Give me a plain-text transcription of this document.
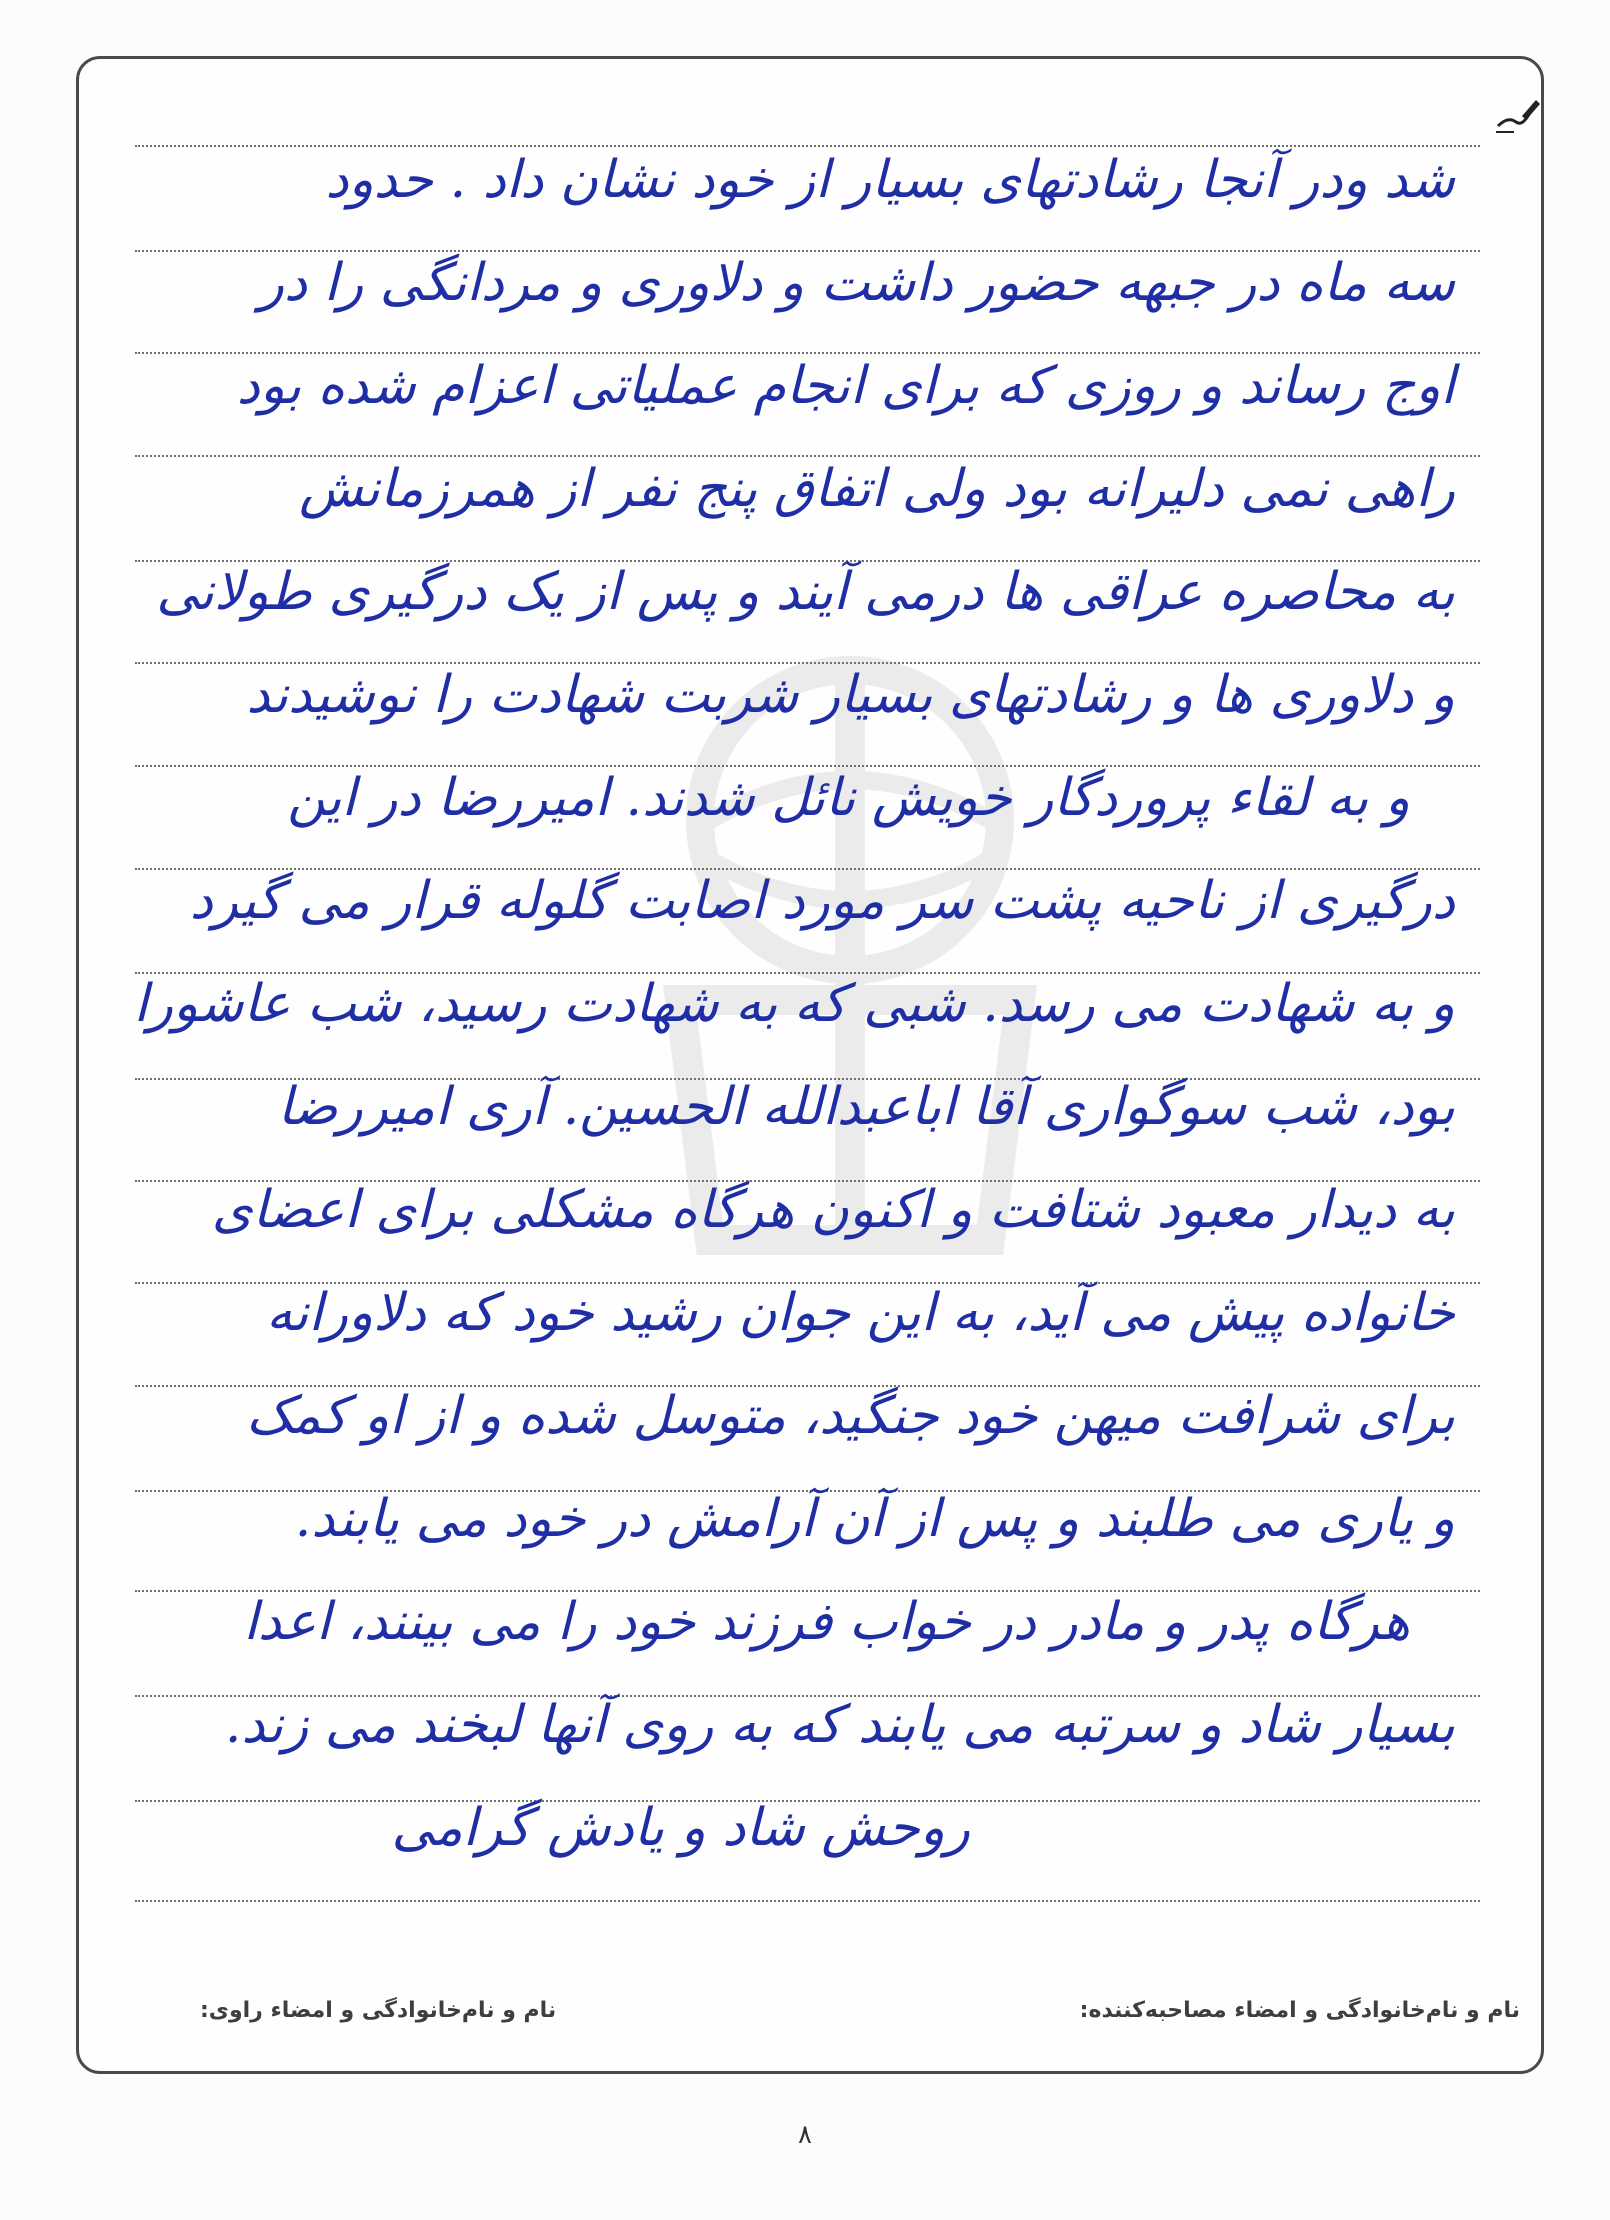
شد ودر آنجا رشادتهای بسیار از خود نشان داد . حدود
سه ماه در جبهه حضور داشت و دلاوری و مردانگی را در
اوج رساند و روزی که برای انجام عملیاتی اعزام شده بود
راهی نمی دلیرانه بود ولی اتفاق پنج نفر از همرزمانش
به محاصره عراقی ها درمی آیند و پس از یک درگیری طولانی
و دلاوری ها و رشادتهای بسیار شربت شهادت را نوشیدند
و به لقاء پروردگار خویش نائل شدند. امیررضا در این
درگیری از ناحیه پشت سر مورد اصابت گلوله قرار می گیرد
و به شهادت می رسد. شبی که به شهادت رسید، شب عاشورا
بود، شب سوگواری آقا اباعبدالله الحسین. آری امیررضا
به دیدار معبود شتافت و اکنون هرگاه مشکلی برای اعضای
خانواده پیش می آید، به این جوان رشید خود که دلاورانه
برای شرافت میهن خود جنگید، متوسل شده و از او کمک
و یاری می طلبند و پس از آن آرامش در خود می یابند.
هرگاه پدر و مادر در خواب فرزند خود را می بینند، اعدا
بسیار شاد و سرتبه می یابند که به روی آنها لبخند می زند.
روحش شاد و یادش گرامی
نام و نام‌خانوادگی و امضاء مصاحبه‌کننده:
نام و نام‌خانوادگی و امضاء راوی:
۸
